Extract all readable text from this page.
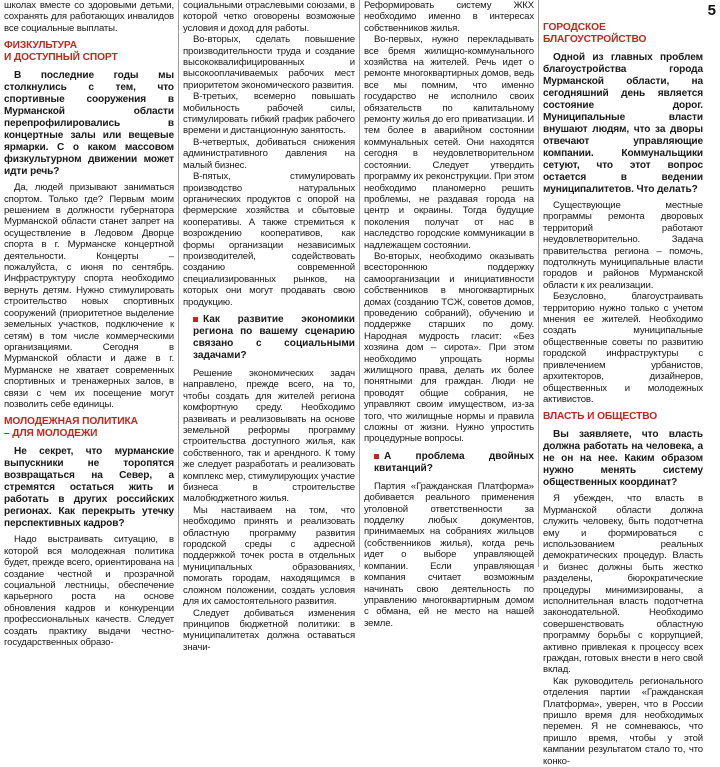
5

школах вместе со здоровыми детьми, сохранять для работающих инвалидов все социальные выплаты.

ФИЗКУЛЬТУРА
И ДОСТУПНЫЙ СПОРТ

В последние годы мы столкнулись с тем, что спортивные сооружения в Мурманской области перепрофилировались в концертные залы или вещевые ярмарки. С о каком массовом физкультурном движении может идти речь?

Да, людей призывают заниматься спортом. Только где? Первым моим решением в должности губернатора Мурманской области станет запрет на осуществление в Ледовом Дворце спорта в г. Мурманске концертной деятельности. Концерты – пожалуйста, с июня по сентябрь. Инфраструктуру спорта необходимо вернуть детям. Нужно стимулировать строительство новых спортивных сооружений (приоритетное выделение земельных участков, подключение к сетям) в том числе коммерческими организациями. Сегодня в Мурманской области и даже в г. Мурманске не хватает современных спортивных и тренажерных залов, в связи с чем их посещение могут позволить себе единицы.

МОЛОДЕЖНАЯ ПОЛИТИКА
– ДЛЯ МОЛОДЕЖИ

Не секрет, что мурманские выпускники не торопятся возвращаться на Север, а стремятся остаться жить и работать в других российских регионах. Как перекрыть утечку перспективных кадров?

Надо выстраивать ситуацию, в которой вся молодежная политика будет, прежде всего, ориентирована на создание честной и прозрачной социальной лестницы, обеспечение карьерного роста на основе обновления кадров и конкуренции профессиональных качеств. Следует создать практику выдачи честно-государственных образо-

социальными отраслевыми союзами, в которой четко оговорены возможные условия и доход для работы.

Во-вторых, сделать повышение производительности труда и создание высококвалифицированных и высокооплачиваемых рабочих мест приоритетом экономического развития.

В-третьих, всемерно повышать мобильность рабочей силы, стимулировать гибкий график рабочего времени и дистанционную занятость.

В-четвертых, добиваться снижения административного давления на малый бизнес.

В-пятых, стимулировать производство натуральных органических продуктов с опорой на фермерские хозяйства и сбытовые кооперативы. А также стремиться к возрождению кооперативов, как формы организации независимых производителей, содействовать созданию современной специализированных рынков, на которых они могут продавать свою продукцию.

Как развитие экономики региона по вашему сценарию связано с социальными задачами?

Решение экономических задач направлено, прежде всего, на то, чтобы создать для жителей региона комфортную среду. Необходимо развивать и реализовывать на основе земельной реформы программу строительства доступного жилья, как собственного, так и арендного. К тому же следует разработать и реализовать комплекс мер, стимулирующих участие бизнеса в строительстве малобюджетного жилья.

Мы настаиваем на том, что необходимо принять и реализовать областную программу развития городской среды с адресной поддержкой точек роста в отдельных муниципальных образованиях, помогать городам, находящимся в сложном положении, создать условия для их самостоятельного развития.

Следует добиваться изменения принципов бюджетной политики: в муниципалитетах должна оставаться значи-

Реформировать систему ЖКХ необходимо именно в интересах собственников жилья.

Во-первых, нужно перекладывать все бремя жилищно-коммунального хозяйства на жителей. Речь идет о ремонте многоквартирных домов, ведь все мы помним, что именно государство не исполнило своих обязательств по капитальному ремонту жилья до его приватизации. И тем более в аварийном состоянии коммунальных сетей. Они находятся сегодня в неудовлетворительном состоянии. Следует утвердить программу их реконструкции. При этом необходимо планомерно решить проблемы, не раздавая города на центр и окраины. Тогда будущие поколения получат от нас в наследство городские коммуникации в надлежащем состоянии.

Во-вторых, необходимо оказывать всестороннюю поддержку самоорганизации и инициативности собственников в многоквартирных домах (созданию ТСЖ, советов домов, проведению собраний), обучению и поддержке старших по дому. Народная мудрость гласит: «Без хозяина дом – сирота». При этом необходимо упрощать нормы жилищного права, делать их более понятными для граждан. Люди не проводят общие собрания, не управляют своим имуществом, из-за того, что жилищные нормы и правила сложны от жизни. Нужно упростить процедурные вопросы.

А проблема двойных квитанций?

Партия «Гражданская Платформа» добивается реального применения уголовной ответственности за подделку любых документов, принимаемых на собраниях жильцов (собственников жилья), когда речь идет о выборе управляющей компании. Если управляющая компания считает возможным начинать свою деятельность по управлению многоквартирным домом с обмана, ей не место на нашей земле.

ГОРОДСКОЕ БЛАГОУСТРОЙСТВО

Одной из главных проблем благоустройства города Мурманской области, на сегодняшний день является состояние дорог. Муниципальные власти внушают людям, что за дворы отвечают управляющие компании. Коммунальщики сетуют, что этот вопрос остается в ведении муниципалитетов. Что делать?

Существующие местные программы ремонта дворовых территорий работают неудовлетворительно. Задача правительства региона – помочь, подтолкнуть муниципальные власти городов и районов Мурманской области к их реализации.

Безусловно, благоустраивать территорию нужно только с учетом мнения ее жителей. Необходимо создать муниципальные общественные советы по развитию городской инфраструктуры с привлечением урбанистов, архитекторов, дизайнеров, общественных и молодежных активистов.

ВЛАСТЬ И ОБЩЕСТВО

Вы заявляете, что власть должна работать на человека, а не он на нее. Каким образом нужно менять систему общественных координат?

Я убежден, что власть в Мурманской области должна служить человеку, быть подотчетна ему и формироваться с использованием реальных демократических процедур. Власть и бизнес должны быть жестко разделены, бюрократические процедуры минимизированы, а исполнительная власть подотчетна законодательной. Необходимо совершенствовать областную программу борьбы с коррупцией, активно привлекая к процессу всех граждан, готовых внести в него свой вклад.

Как руководитель регионального отделения партии «Гражданская Платформа», уверен, что в России пришло время для необходимых перемен. Я не сомневаюсь, что пришло время, чтобы у этой кампании результатом стало то, что конко-
